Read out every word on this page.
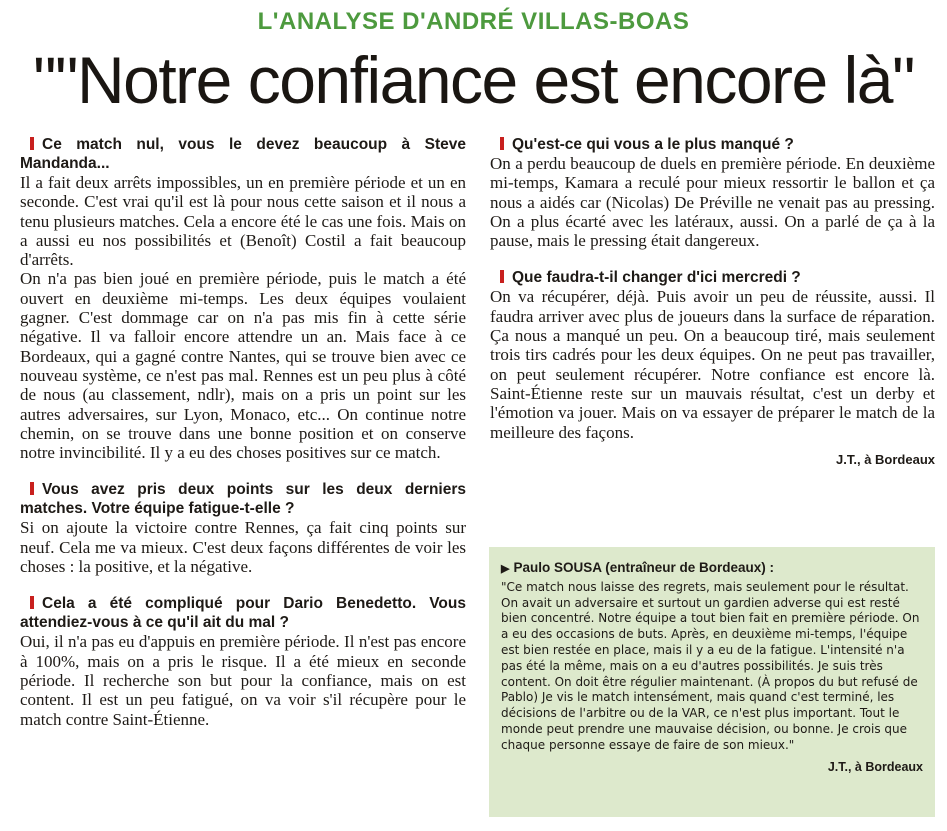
L'ANALYSE D'ANDRÉ VILLAS-BOAS
""Notre confiance est encore là"

Ce match nul, vous le devez beaucoup à Steve Mandanda...

Il a fait deux arrêts impossibles, un en première période et un en seconde. C'est vrai qu'il est là pour nous cette saison et il nous a tenu plusieurs matches. Cela a encore été le cas une fois. Mais on a aussi eu nos possibilités et (Benoît) Costil a fait beaucoup d'arrêts.

On n'a pas bien joué en première période, puis le match a été ouvert en deuxième mi-temps. Les deux équipes voulaient gagner. C'est dommage car on n'a pas mis fin à cette série négative. Il va falloir encore attendre un an. Mais face à ce Bordeaux, qui a gagné contre Nantes, qui se trouve bien avec ce nouveau système, ce n'est pas mal. Rennes est un peu plus à côté de nous (au classement, ndlr), mais on a pris un point sur les autres adversaires, sur Lyon, Monaco, etc... On continue notre chemin, on se trouve dans une bonne position et on conserve notre invincibilité. Il y a eu des choses positives sur ce match.

Vous avez pris deux points sur les deux derniers matches. Votre équipe fatigue-t-elle ?

Si on ajoute la victoire contre Rennes, ça fait cinq points sur neuf. Cela me va mieux. C'est deux façons différentes de voir les choses : la positive, et la négative.

Cela a été compliqué pour Dario Benedetto. Vous attendiez-vous à ce qu'il ait du mal ?

Oui, il n'a pas eu d'appuis en première période. Il n'est pas encore à 100%, mais on a pris le risque. Il a été mieux en seconde période. Il recherche son but pour la confiance, mais on est content. Il est un peu fatigué, on va voir s'il récupère pour le match contre Saint-Étienne.

Qu'est-ce qui vous a le plus manqué ?

On a perdu beaucoup de duels en première période. En deuxième mi-temps, Kamara a reculé pour mieux ressortir le ballon et ça nous a aidés car (Nicolas) De Préville ne venait pas au pressing. On a plus écarté avec les latéraux, aussi. On a parlé de ça à la pause, mais le pressing était dangereux.

Que faudra-t-il changer d'ici mercredi ?

On va récupérer, déjà. Puis avoir un peu de réussite, aussi. Il faudra arriver avec plus de joueurs dans la surface de réparation. Ça nous a manqué un peu. On a beaucoup tiré, mais seulement trois tirs cadrés pour les deux équipes. On ne peut pas travailler, on peut seulement récupérer. Notre confiance est encore là. Saint-Étienne reste sur un mauvais résultat, c'est un derby et l'émotion va jouer. Mais on va essayer de préparer le match de la meilleure des façons.

J.T., à Bordeaux

▶ Paulo SOUSA (entraîneur de Bordeaux) :

"Ce match nous laisse des regrets, mais seulement pour le résultat. On avait un adversaire et surtout un gardien adverse qui est resté bien concentré. Notre équipe a tout bien fait en première période. On a eu des occasions de buts. Après, en deuxième mi-temps, l'équipe est bien restée en place, mais il y a eu de la fatigue. L'intensité n'a pas été la même, mais on a eu d'autres possibilités. Je suis très content. On doit être régulier maintenant. (À propos du but refusé de Pablo) Je vis le match intensément, mais quand c'est terminé, les décisions de l'arbitre ou de la VAR, ce n'est plus important. Tout le monde peut prendre une mauvaise décision, ou bonne. Je crois que chaque personne essaye de faire de son mieux."

J.T., à Bordeaux
